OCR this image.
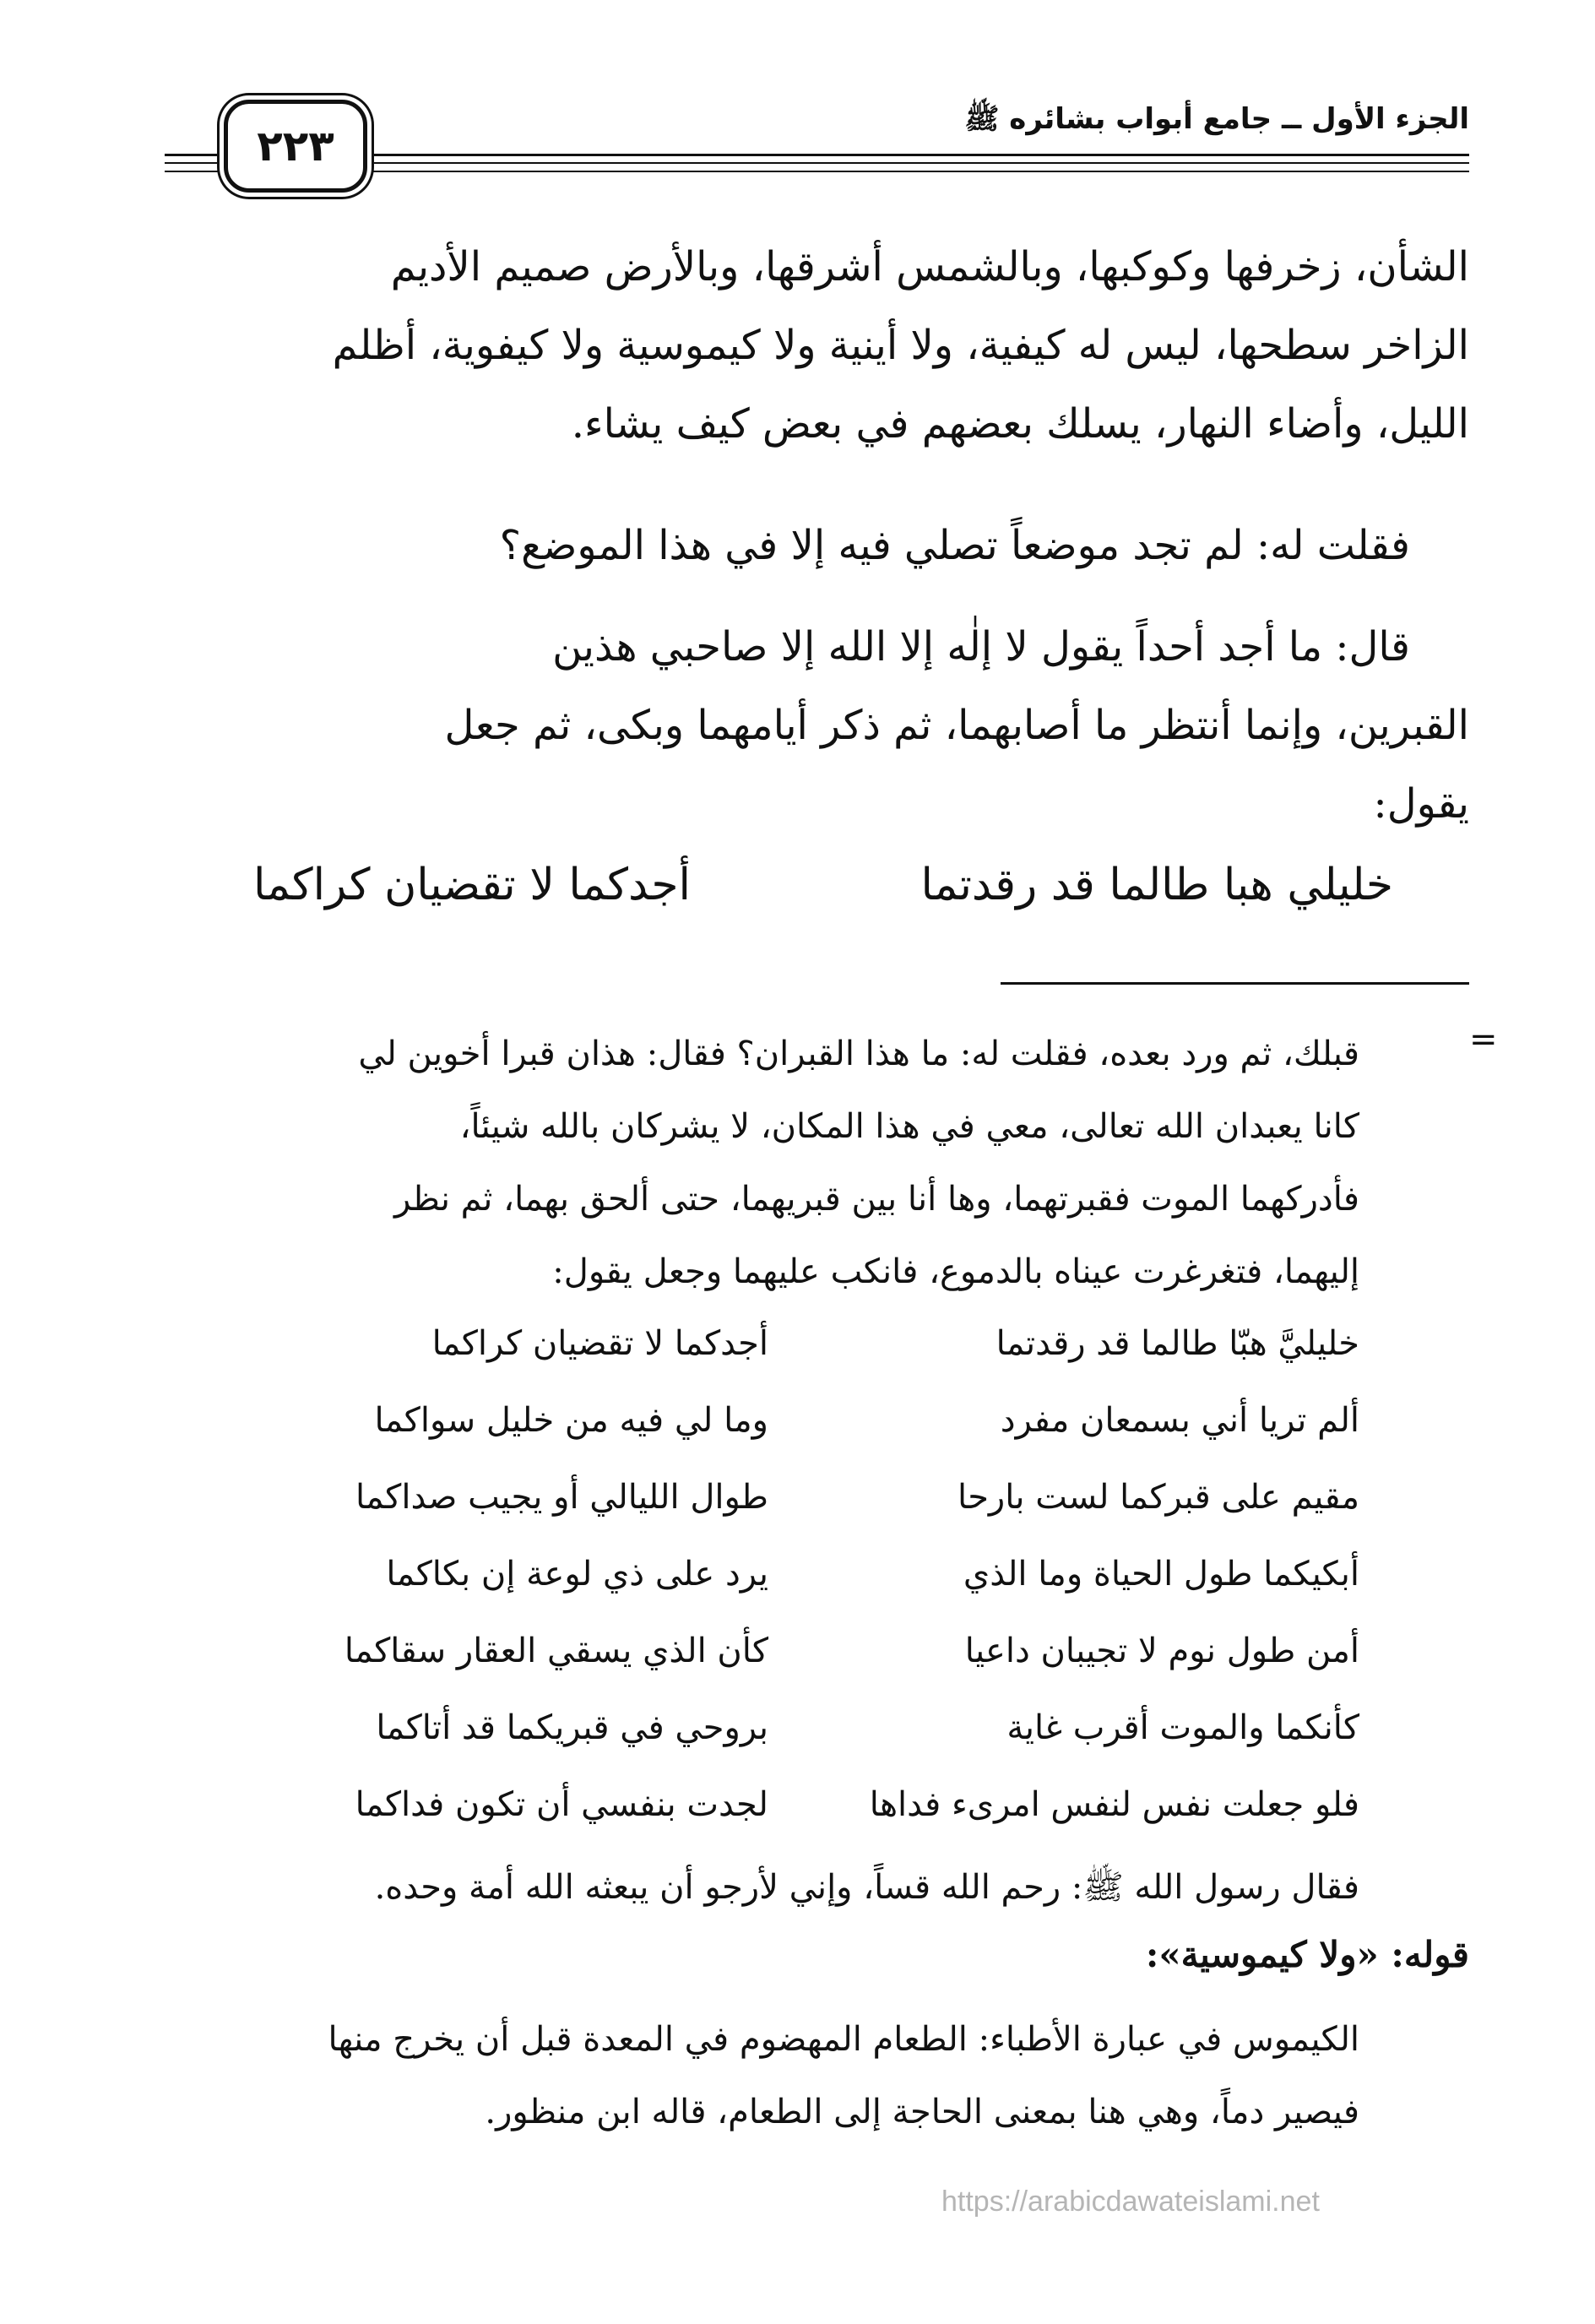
الجزء الأول ــ جامع أبواب بشائره ﷺ
٢٢٣

الشأن، زخرفها وكوكبها، وبالشمس أشرقها، وبالأرض صميم الأديم

الزاخر سطحها، ليس له كيفية، ولا أينية ولا كيموسية ولا كيفوية، أظلم

الليل، وأضاء النهار، يسلك بعضهم في بعض كيف يشاء.

فقلت له: لم تجد موضعاً تصلي فيه إلا في هذا الموضع؟

قال: ما أجد أحداً يقول لا إلٰه إلا الله إلا صاحبي هذين

القبرين، وإنما أنتظر ما أصابهما، ثم ذكر أيامهما وبكى، ثم جعل

يقول:

خليلي هبا طالما قد رقدتما
أجدكما لا تقضيان كراكما
=

قبلك، ثم ورد بعده، فقلت له: ما هذا القبران؟ فقال: هذان قبرا أخوين لي

كانا يعبدان الله تعالى، معي في هذا المكان، لا يشركان بالله شيئاً،

فأدركهما الموت فقبرتهما، وها أنا بين قبريهما، حتى ألحق بهما، ثم نظر

إليهما، فتغرغرت عيناه بالدموع، فانكب عليهما وجعل يقول:

خليليَّ هبّا طالما قد رقدتما
أجدكما لا تقضيان كراكما
ألم تريا أني بسمعان مفرد
وما لي فيه من خليل سواكما
مقيم على قبركما لست بارحا
طوال الليالي أو يجيب صداكما
أبكيكما طول الحياة وما الذي
يرد على ذي لوعة إن بكاكما
أمن طول نوم لا تجيبان داعيا
كأن الذي يسقي العقار سقاكما
كأنكما والموت أقرب غاية
بروحي في قبريكما قد أتاكما
فلو جعلت نفس لنفس امرىء فداها
لجدت بنفسي أن تكون فداكما

فقال رسول الله ﷺ: رحم الله قساً، وإني لأرجو أن يبعثه الله أمة وحده.

قوله: «ولا كيموسية»:

الكيموس في عبارة الأطباء: الطعام المهضوم في المعدة قبل أن يخرج منها

فيصير دماً، وهي هنا بمعنى الحاجة إلى الطعام، قاله ابن منظور.

https://arabicdawateislami.net
